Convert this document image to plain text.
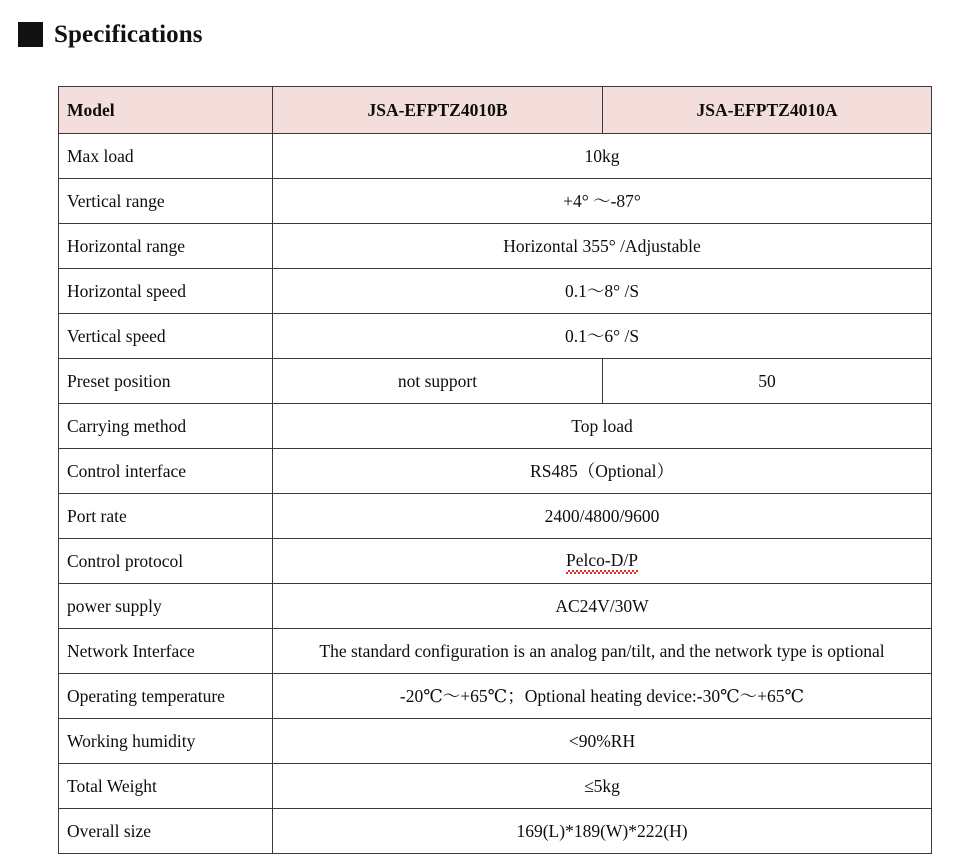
Specifications
Model	JSA-EFPTZ4010B	JSA-EFPTZ4010A
Max load	10kg	
Vertical range	+4° ～-87°	
Horizontal range	Horizontal 355° /Adjustable	
Horizontal speed	0.1～8° /S	
Vertical speed	0.1～6° /S	
Preset position	not support	50
Carrying method	Top load	
Control interface	RS485（Optional）	
Port rate	2400/4800/9600	
Control protocol	Pelco-D/P	
power supply	AC24V/30W	
Network Interface	The standard configuration is an analog pan/tilt, and the network type is optional	
Operating temperature	-20℃～+65℃；Optional heating device:-30℃～+65℃	
Working humidity	<90%RH	
Total Weight	≤5kg	
Overall size	169(L)*189(W)*222(H)	
